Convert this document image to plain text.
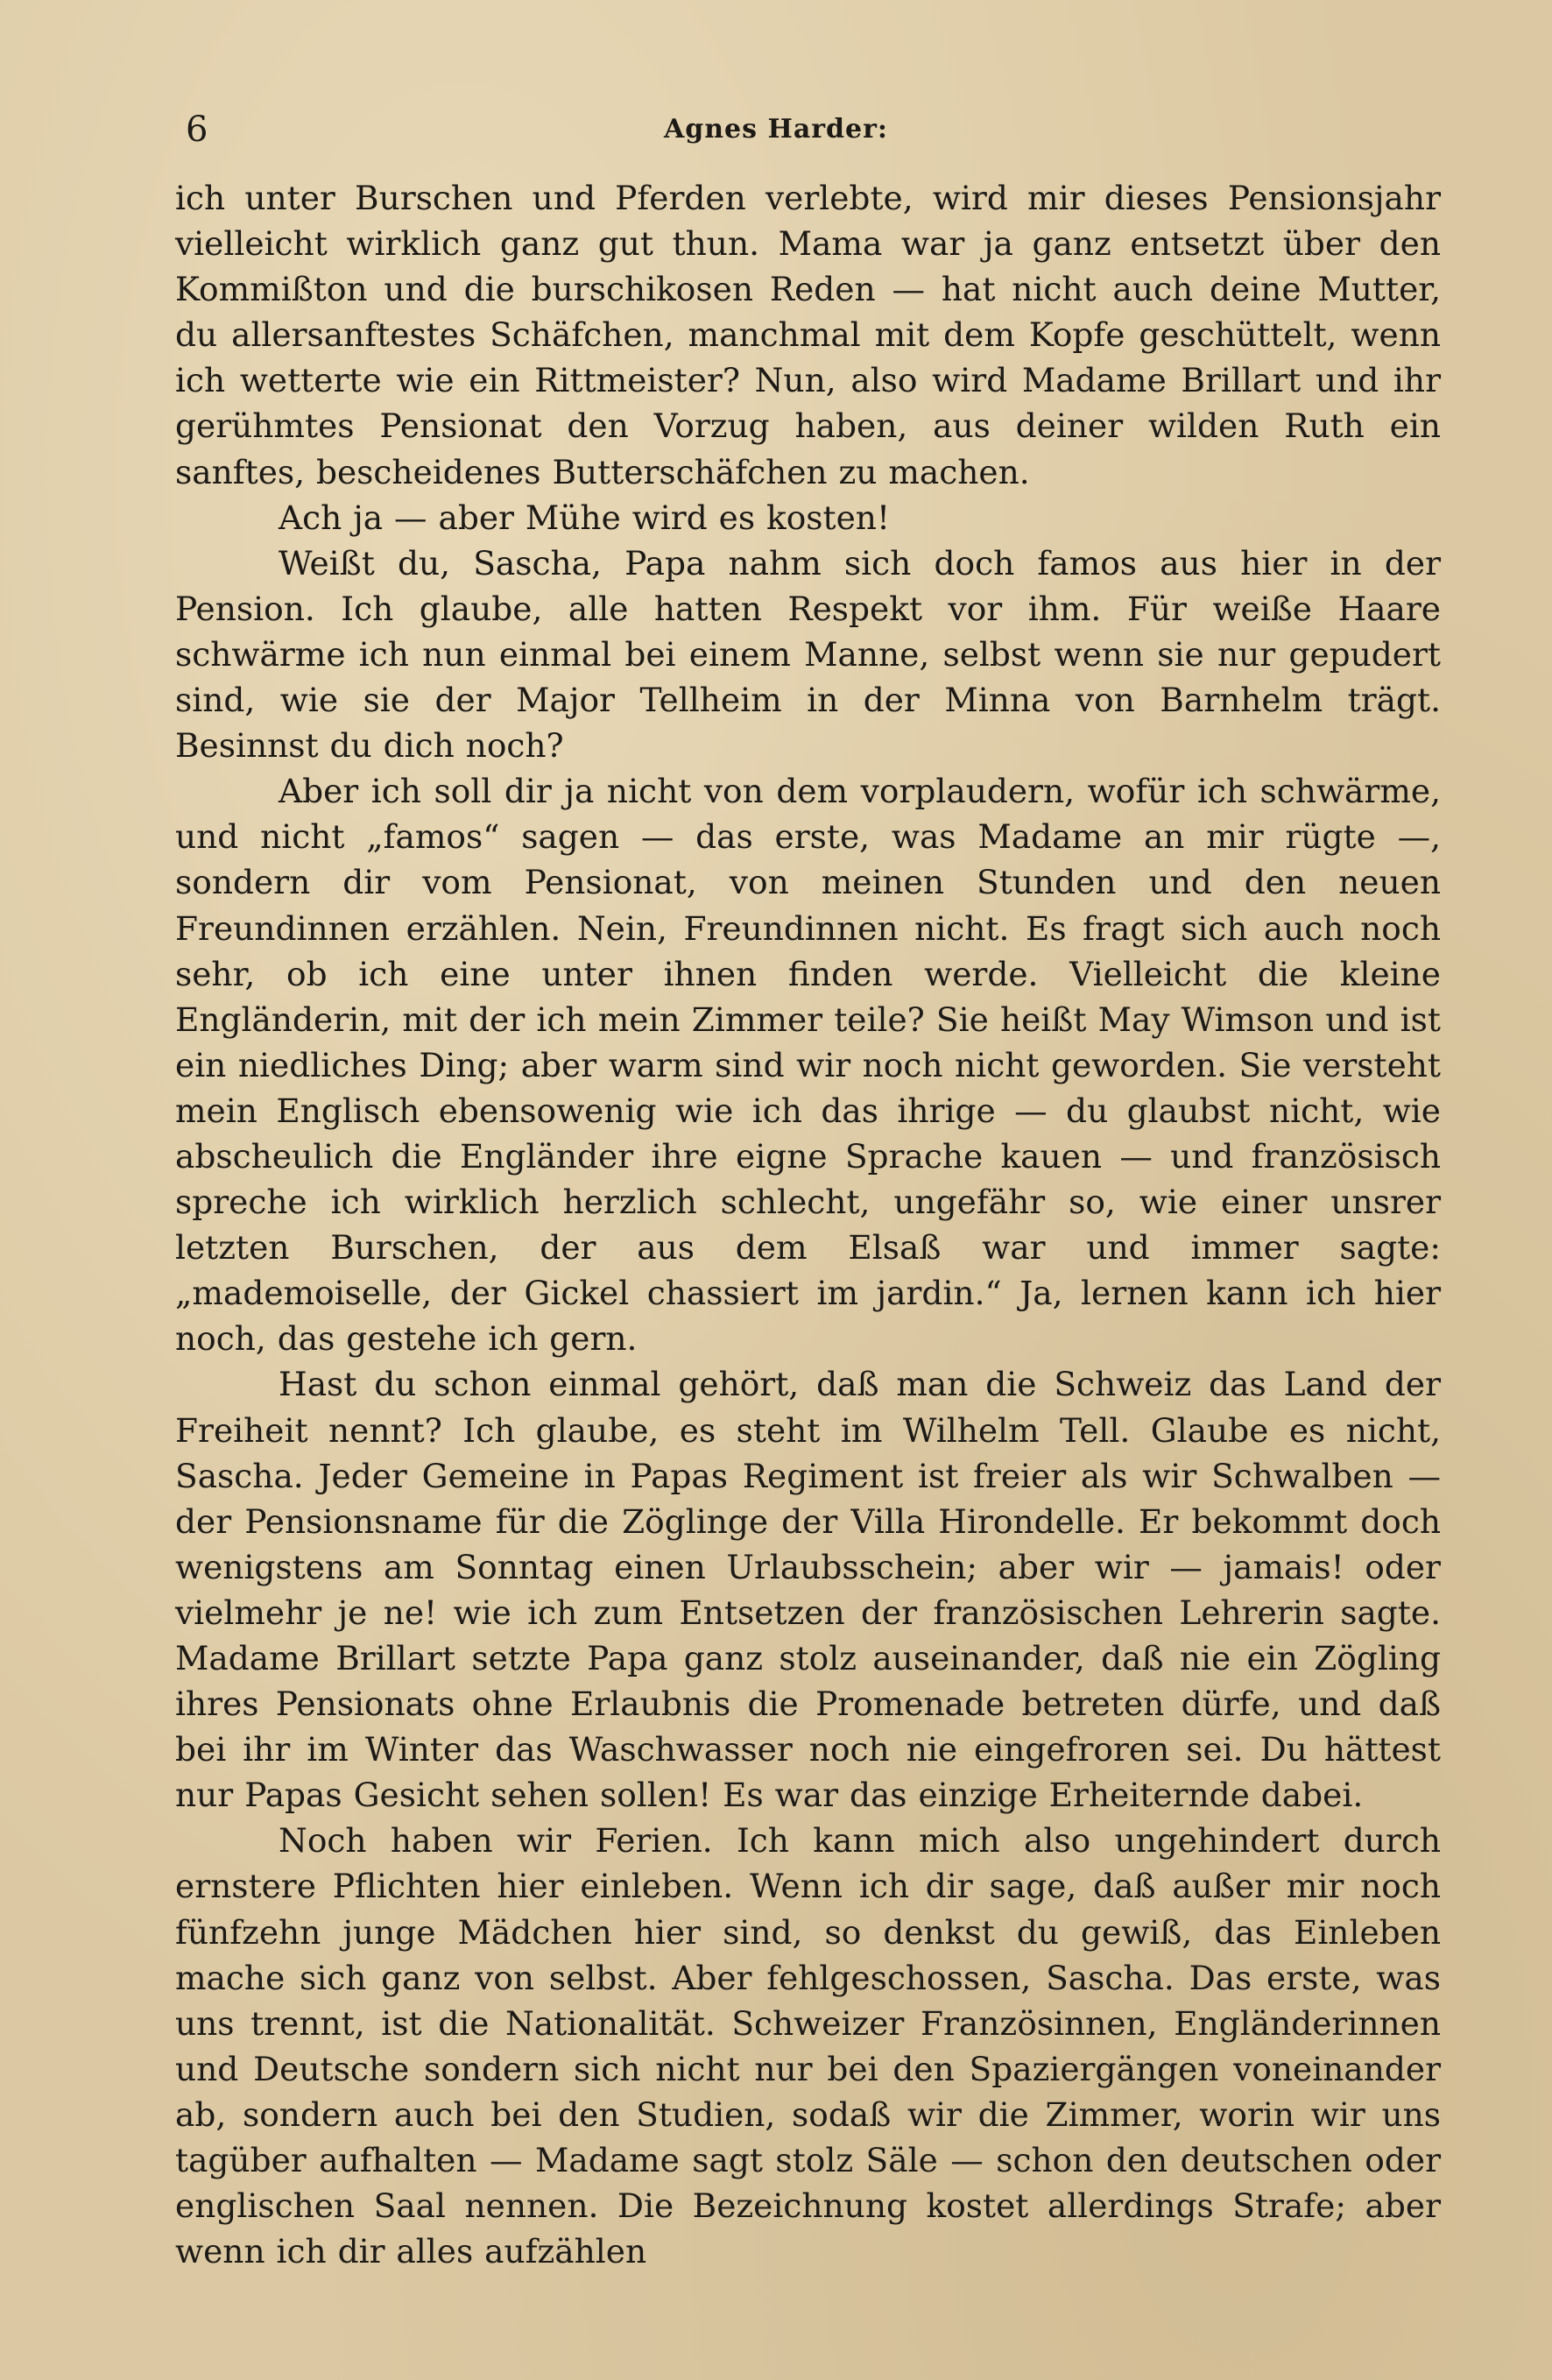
6	Agnes Harder:

ich unter Burschen und Pferden verlebte, wird mir dieses Pensionsjahr vielleicht wirklich ganz gut thun. Mama war ja ganz entsetzt über den Kommißton und die burschikosen Reden — hat nicht auch deine Mutter, du allersanftestes Schäfchen, manchmal mit dem Kopfe geschüttelt, wenn ich wetterte wie ein Rittmeister? Nun, also wird Madame Brillart und ihr gerühmtes Pensionat den Vorzug haben, aus deiner wilden Ruth ein sanftes, bescheidenes Butterschäfchen zu machen.

Ach ja — aber Mühe wird es kosten!

Weißt du, Sascha, Papa nahm sich doch famos aus hier in der Pension. Ich glaube, alle hatten Respekt vor ihm. Für weiße Haare schwärme ich nun einmal bei einem Manne, selbst wenn sie nur gepudert sind, wie sie der Major Tellheim in der Minna von Barnhelm trägt. Besinnst du dich noch?

Aber ich soll dir ja nicht von dem vorplaudern, wofür ich schwärme, und nicht „famos“ sagen — das erste, was Madame an mir rügte —, sondern dir vom Pensionat, von meinen Stunden und den neuen Freundinnen erzählen. Nein, Freundinnen nicht. Es fragt sich auch noch sehr, ob ich eine unter ihnen finden werde. Vielleicht die kleine Engländerin, mit der ich mein Zimmer teile? Sie heißt May Wimson und ist ein niedliches Ding; aber warm sind wir noch nicht geworden. Sie versteht mein Englisch ebensowenig wie ich das ihrige — du glaubst nicht, wie abscheulich die Engländer ihre eigne Sprache kauen — und französisch spreche ich wirklich herzlich schlecht, ungefähr so, wie einer unsrer letzten Burschen, der aus dem Elsaß war und immer sagte: „mademoiselle, der Gickel chassiert im jardin.“ Ja, lernen kann ich hier noch, das gestehe ich gern.

Hast du schon einmal gehört, daß man die Schweiz das Land der Freiheit nennt? Ich glaube, es steht im Wilhelm Tell. Glaube es nicht, Sascha. Jeder Gemeine in Papas Regiment ist freier als wir Schwalben — der Pensionsname für die Zöglinge der Villa Hirondelle. Er bekommt doch wenigstens am Sonntag einen Urlaubsschein; aber wir — jamais! oder vielmehr je ne! wie ich zum Entsetzen der französischen Lehrerin sagte. Madame Brillart setzte Papa ganz stolz auseinander, daß nie ein Zögling ihres Pensionats ohne Erlaubnis die Promenade betreten dürfe, und daß bei ihr im Winter das Waschwasser noch nie eingefroren sei. Du hättest nur Papas Gesicht sehen sollen! Es war das einzige Erheiternde dabei.

Noch haben wir Ferien. Ich kann mich also ungehindert durch ernstere Pflichten hier einleben. Wenn ich dir sage, daß außer mir noch fünfzehn junge Mädchen hier sind, so denkst du gewiß, das Einleben mache sich ganz von selbst. Aber fehlgeschossen, Sascha. Das erste, was uns trennt, ist die Nationalität. Schweizer Französinnen, Engländerinnen und Deutsche sondern sich nicht nur bei den Spaziergängen voneinander ab, sondern auch bei den Studien, sodaß wir die Zimmer, worin wir uns tagüber aufhalten — Madame sagt stolz Säle — schon den deutschen oder englischen Saal nennen. Die Bezeichnung kostet allerdings Strafe; aber wenn ich dir alles aufzählen
